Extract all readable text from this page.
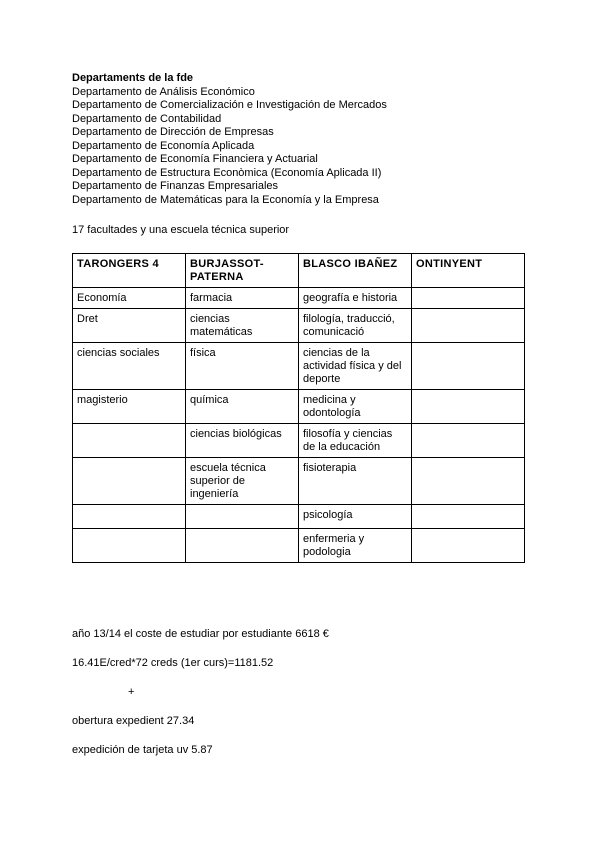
Departaments de la fde
Departamento de Análisis Económico
Departamento de Comercialización e Investigación de Mercados
Departamento de Contabilidad
Departamento de Dirección de Empresas
Departamento de Economía Aplicada
Departamento de Economía Financiera y Actuarial
Departamento de Estructura Econòmica (Economía Aplicada II)
Departamento de Finanzas Empresariales
Departamento de Matemáticas para la Economía y la Empresa
17 facultades y una escuela técnica superior
TARONGERS 4	BURJASSOT-PATERNA	BLASCO IBAÑEZ	ONTINYENT
Economía	farmacia	geografía e historia	
Dret	ciencias matemáticas	filología, traducció, comunicació	
ciencias sociales	física	ciencias de la actividad física y del deporte	
magisterio	química	medicina y odontología	
	ciencias biológicas	filosofía y ciencias de la educación	
	escuela técnica superior de ingeniería	fisioterapia	
		psicología	
		enfermeria y podologia	
año 13/14 el coste de estudiar por estudiante 6618 €
16.41E/cred*72 creds (1er curs)=1181.52
+
obertura expedient 27.34
expedición de tarjeta uv 5.87
